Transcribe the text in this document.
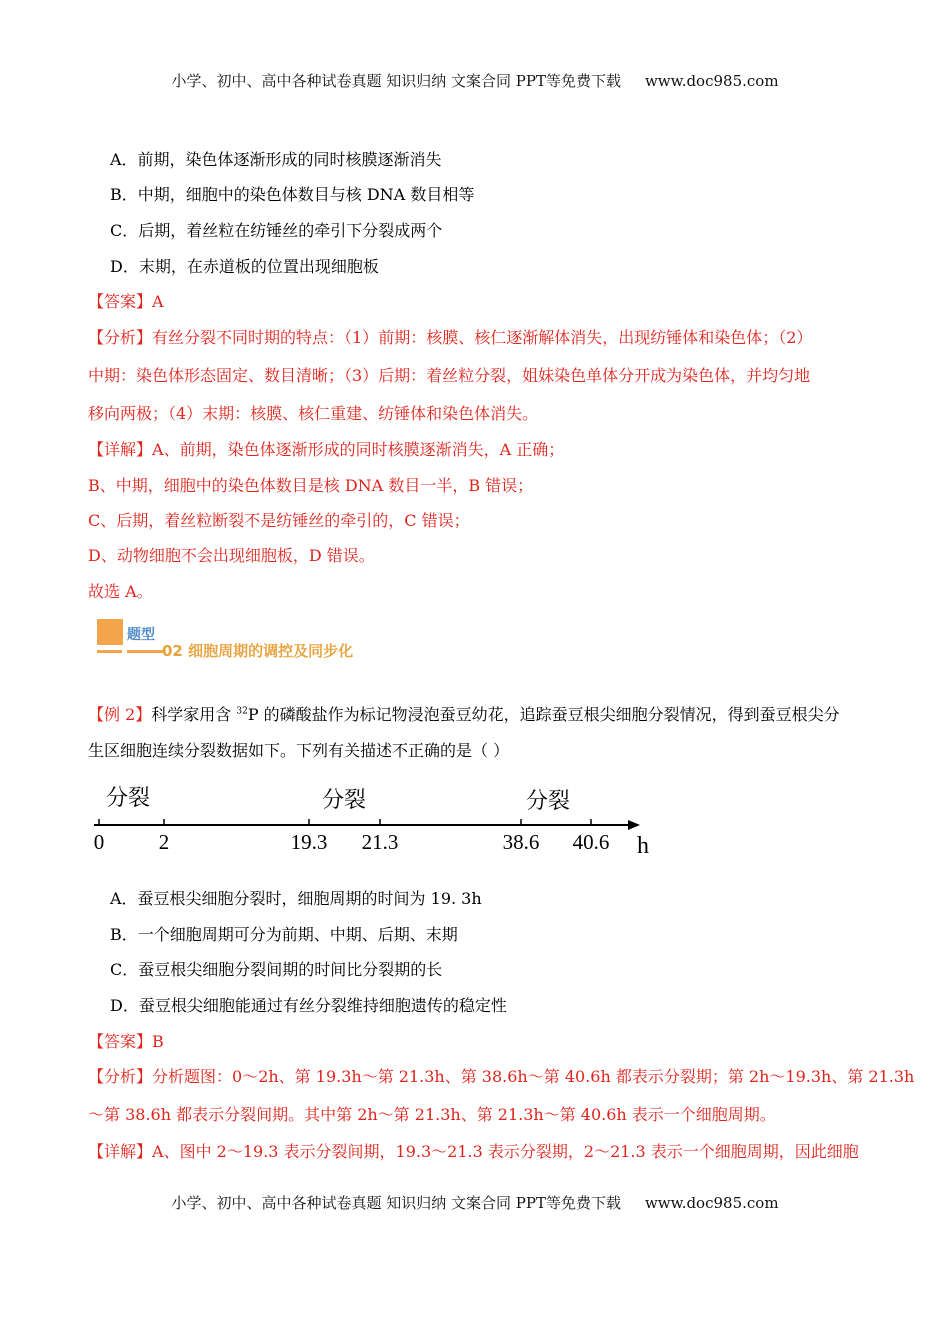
小学、初中、高中各种试卷真题 知识归纳 文案合同 PPT等免费下载 www.doc985.com
A．前期，染色体逐渐形成的同时核膜逐渐消失
B．中期，细胞中的染色体数目与核 DNA 数目相等
C．后期，着丝粒在纺锤丝的牵引下分裂成两个
D．末期，在赤道板的位置出现细胞板
【答案】A
【分析】有丝分裂不同时期的特点：（1）前期：核膜、核仁逐渐解体消失，出现纺锤体和染色体；（2）
中期：染色体形态固定、数目清晰；（3）后期：着丝粒分裂，姐妹染色单体分开成为染色体，并均匀地
移向两极；（4）末期：核膜、核仁重建、纺锤体和染色体消失。
【详解】A、前期，染色体逐渐形成的同时核膜逐渐消失，A 正确；
B、中期，细胞中的染色体数目是核 DNA 数目一半，B 错误；
C、后期，着丝粒断裂不是纺锤丝的牵引的，C 错误；
D、动物细胞不会出现细胞板，D 错误。
故选 A。
题型
02 细胞周期的调控及同步化
【例 2】科学家用含 $^{32}$P 的磷酸盐作为标记物浸泡蚕豆幼花，追踪蚕豆根尖细胞分裂情况，得到蚕豆根尖分
生区细胞连续分裂数据如下。下列有关描述不正确的是（ ）
分裂	分裂	分裂
0	2	19.3 21.3	38.6 40.6 h
A．蚕豆根尖细胞分裂时，细胞周期的时间为 19. 3h
B．一个细胞周期可分为前期、中期、后期、末期
C．蚕豆根尖细胞分裂间期的时间比分裂期的长
D．蚕豆根尖细胞能通过有丝分裂维持细胞遗传的稳定性
【答案】B
【分析】分析题图：0～2h、第 19.3h～第 21.3h、第 38.6h～第 40.6h 都表示分裂期；第 2h～19.3h、第 21.3h
～第 38.6h 都表示分裂间期。其中第 2h～第 21.3h、第 21.3h～第 40.6h 表示一个细胞周期。
【详解】A、图中 2～19.3 表示分裂间期，19.3～21.3 表示分裂期，2～21.3 表示一个细胞周期，因此细胞
小学、初中、高中各种试卷真题 知识归纳 文案合同 PPT等免费下载 www.doc985.com
